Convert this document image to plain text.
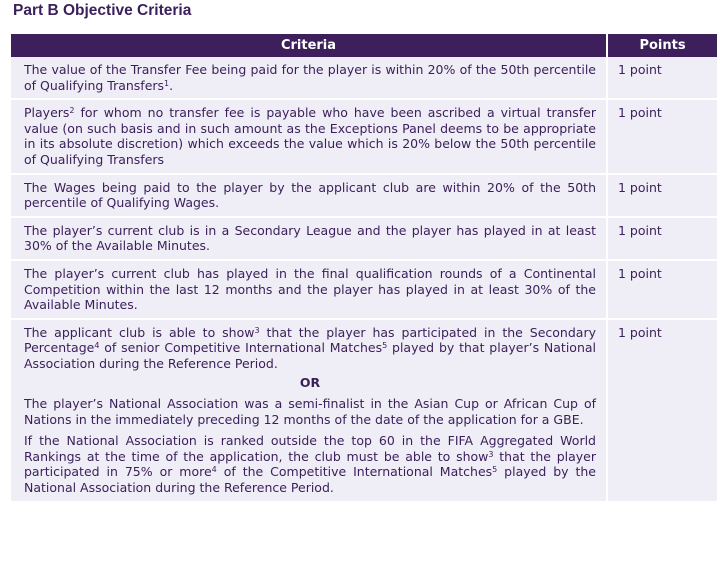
Part B Objective Criteria
Criteria	Points

The value of the Transfer Fee being paid for the player is within 20% of the 50th percentile of Qualifying Transfers$^1$.	1 point

Players$^2$ for whom no transfer fee is payable who have been ascribed a virtual transfer value (on such basis and in such amount as the Exceptions Panel deems to be appropriate in its absolute discretion) which exceeds the value which is 20% below the 50th percentile of Qualifying Transfers	1 point

The Wages being paid to the player by the applicant club are within 20% of the 50th percentile of Qualifying Wages.	1 point

The player’s current club is in a Secondary League and the player has played in at least 30% of the Available Minutes.	1 point

The player’s current club has played in the final qualification rounds of a Continental Competition within the last 12 months and the player has played in at least 30% of the Available Minutes.	1 point

The applicant club is able to show$^3$ that the player has participated in the Secondary Percentage$^4$ of senior Competitive International Matches$^5$ played by that player’s National Association during the Reference Period.

OR

The player’s National Association was a semi-finalist in the Asian Cup or African Cup of Nations in the immediately preceding 12 months of the date of the application for a GBE.

If the National Association is ranked outside the top 60 in the FIFA Aggregated World Rankings at the time of the application, the club must be able to show$^3$ that the player participated in 75% or more$^4$ of the Competitive International Matches$^5$ played by the National Association during the Reference Period.	1 point
